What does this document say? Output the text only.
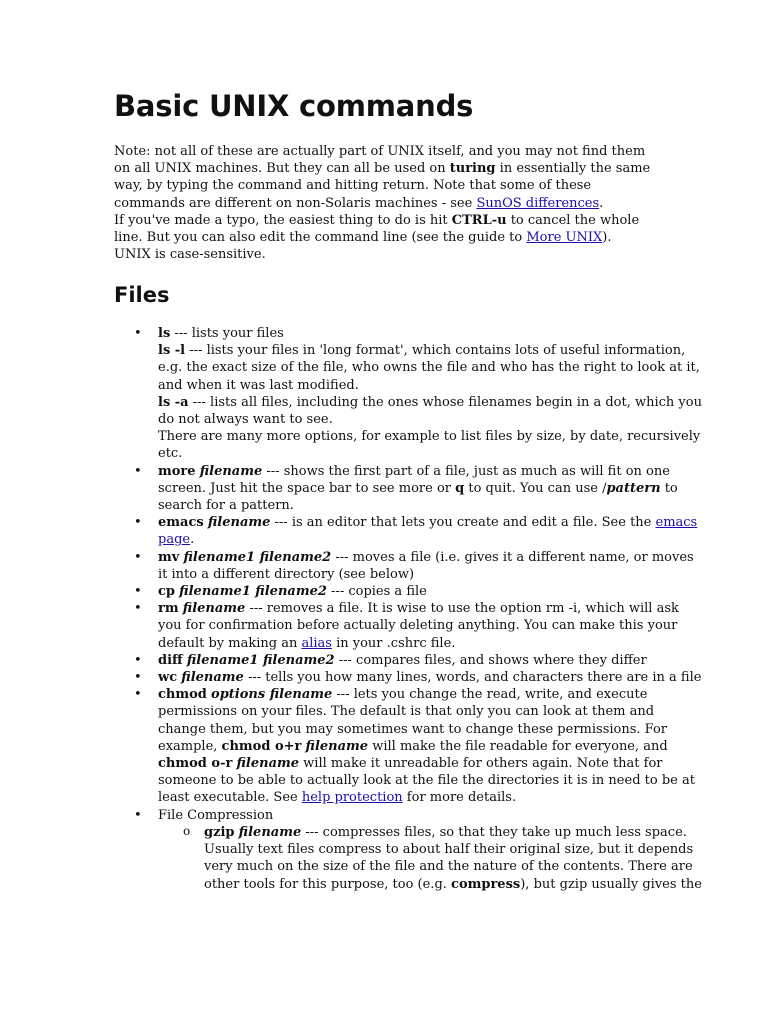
Basic UNIX commands

Note: not all of these are actually part of UNIX itself, and you may not find them on all UNIX machines. But they can all be used on turing in essentially the same way, by typing the command and hitting return. Note that some of these commands are different on non-Solaris machines - see SunOS differences.

If you've made a typo, the easiest thing to do is hit CTRL-u to cancel the whole line. But you can also edit the command line (see the guide to More UNIX).

UNIX is case-sensitive.

Files
• ls --- lists your files
ls -l --- lists your files in 'long format', which contains lots of useful information, e.g. the exact size of the file, who owns the file and who has the right to look at it, and when it was last modified.
ls -a --- lists all files, including the ones whose filenames begin in a dot, which you do not always want to see.
There are many more options, for example to list files by size, by date, recursively etc.
• more filename --- shows the first part of a file, just as much as will fit on one screen. Just hit the space bar to see more or q to quit. You can use /pattern to search for a pattern.
• emacs filename --- is an editor that lets you create and edit a file. See the emacs page.
• mv filename1 filename2 --- moves a file (i.e. gives it a different name, or moves it into a different directory (see below)
• cp filename1 filename2 --- copies a file
• rm filename --- removes a file. It is wise to use the option rm -i, which will ask you for confirmation before actually deleting anything. You can make this your default by making an alias in your .cshrc file.
• diff filename1 filename2 --- compares files, and shows where they differ
• wc filename --- tells you how many lines, words, and characters there are in a file
• chmod options filename --- lets you change the read, write, and execute permissions on your files. The default is that only you can look at them and change them, but you may sometimes want to change these permissions. For example, chmod o+r filename will make the file readable for everyone, and chmod o-r filename will make it unreadable for others again. Note that for someone to be able to actually look at the file the directories it is in need to be at least executable. See help protection for more details.
• File Compression
o gzip filename --- compresses files, so that they take up much less space. Usually text files compress to about half their original size, but it depends very much on the size of the file and the nature of the contents. There are other tools for this purpose, too (e.g. compress), but gzip usually gives the
